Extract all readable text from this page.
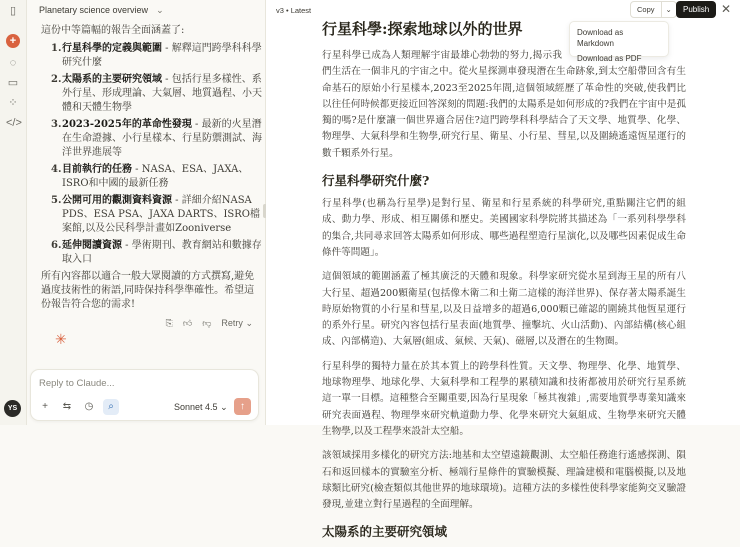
▯
+
◌
▭
⁘
</>
YS
Planetary science overview ⌄

這份中等篇幅的報告全面涵蓋了:

1. 行星科學的定義與範圍 - 解釋這門跨學科科學研究什麼
2. 太陽系的主要研究領域 - 包括行星多樣性、系外行星、形成理論、大氣層、地質過程、小天體和天體生物學
3. 2023-2025年的革命性發現 - 最新的火星潛在生命證據、小行星樣本、行星防禦測試、海洋世界進展等
4. 目前執行的任務 - NASA、ESA、JAXA、ISRO和中國的最新任務
5. 公開可用的觀測資料資源 - 詳細介紹NASA PDS、ESA PSA、JAXA DARTS、ISRO檔案館,以及公民科學計畫如Zooniverse
6. 延伸閱讀資源 - 學術期刊、教育網站和數據存取入口

所有內容都以適合一般大眾閱讀的方式撰寫,避免過度技術性的術語,同時保持科學準確性。希望這份報告符合您的需求!

⎘ 👍︎ 👎︎ Retry ⌄
✳
Reply to Claude...
+	⇆	◷	⌕	Sonnet 4.5 ⌄	↑
v3 • Latest	Copy	⌄	Publish ✕
行星科學:探索地球以外的世界

行星科學已成為人類理解宇宙最雄心勃勃的努力,揭示我們生活在一個非凡的宇宙之中。從火星探測車發現潛在生命跡象,到太空船帶回含有生命基石的原始小行星樣本,2023至2025年間,這個領域經歷了革命性的突破,使我們比以往任何時候都更接近回答深刻的問題:我們的太陽系是如何形成的?我們在宇宙中是孤獨的嗎?是什麼讓一個世界適合居住?這門跨學科科學結合了天文學、地質學、化學、物理學、大氣科學和生物學,研究行星、衛星、小行星、彗星,以及圍繞遙遠恆星運行的數千顆系外行星。

行星科學研究什麼?

行星科學(也稱為行星學)是對行星、衛星和行星系統的科學研究,重點關注它們的組成、動力學、形成、相互關係和歷史。美國國家科學院將其描述為「一系列科學學科的集合,共同尋求回答太陽系如何形成、哪些過程塑造行星演化,以及哪些因素促成生命條件等問題」。

這個領域的範圍涵蓋了極其廣泛的天體和現象。科學家研究從水星到海王星的所有八大行星、超過200顆衛星(包括像木衛二和土衛二這樣的海洋世界)、保存著太陽系誕生時原始物質的小行星和彗星,以及日益增多的超過6,000顆已確認的圍繞其他恆星運行的系外行星。研究內容包括行星表面(地質學、撞擊坑、火山活動)、內部結構(核心組成、內部構造)、大氣層(組成、氣候、天氣)、磁層,以及潛在的生物圈。

行星科學的獨特力量在於其本質上的跨學科性質。天文學、物理學、化學、地質學、地球物理學、地球化學、大氣科學和工程學的累積知識和技術都被用於研究行星系統這一單一目標。這種整合至關重要,因為行星現象「極其複雜」,需要地質學專業知識來研究表面過程、物理學來研究軌道動力學、化學來研究大氣組成、生物學來研究天體生物學,以及工程學來設計太空船。

該領域採用多樣化的研究方法:地基和太空望遠鏡觀測、太空船任務進行遙感探測、隕石和返回樣本的實驗室分析、極端行星條件的實驗模擬、理論建模和電腦模擬,以及地球類比研究(檢查類似其他世界的地球環境)。這種方法的多樣性使科學家能夠交叉驗證發現,並建立對行星過程的全面理解。

太陽系的主要研究領域
Download as Markdown
Download as PDF
